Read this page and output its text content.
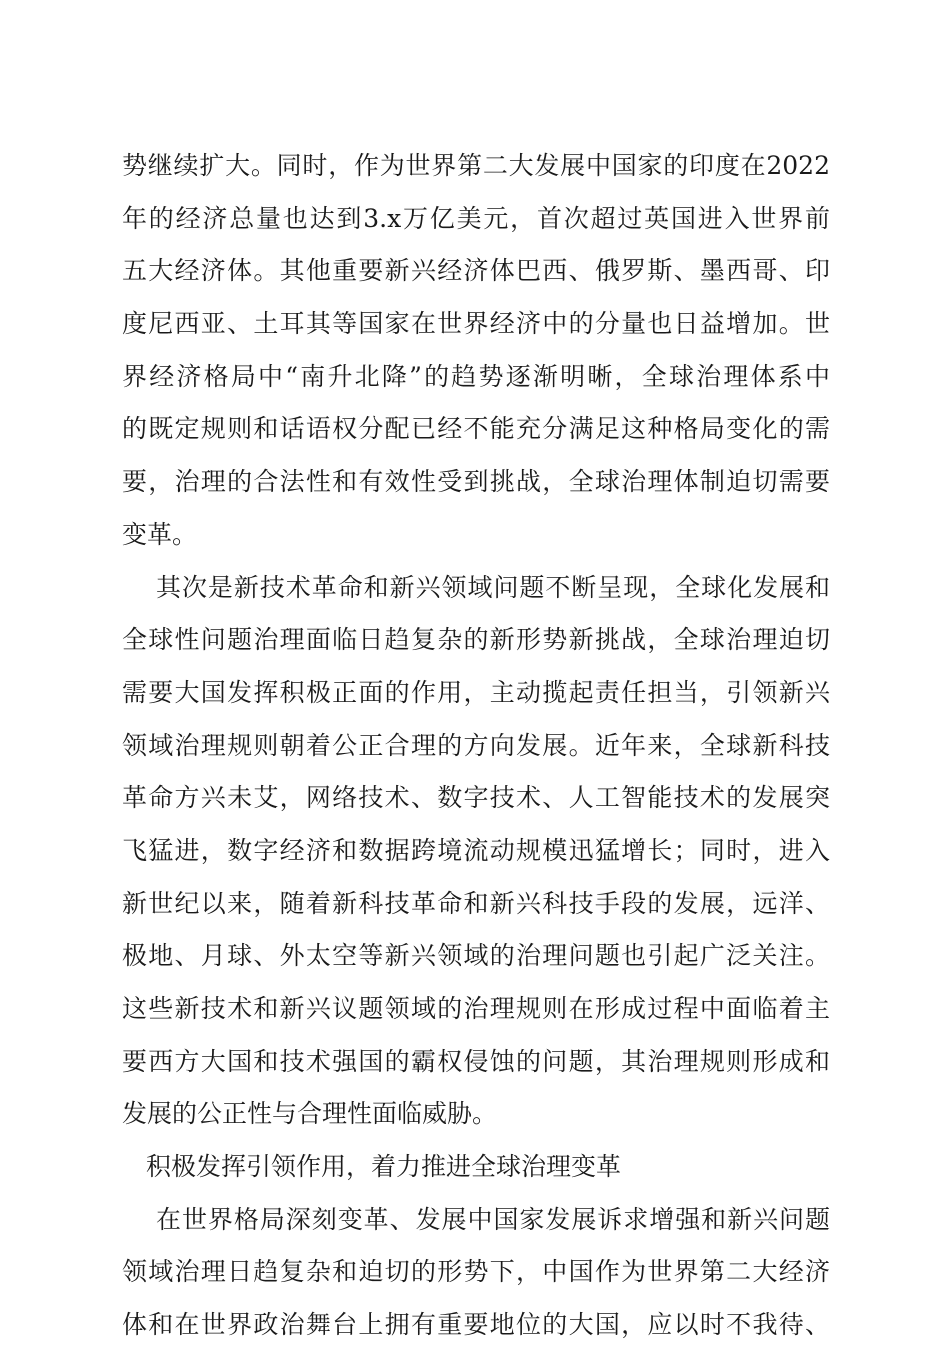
势继续扩大。同时，作为世界第二大发展中国家的印度在2022
年的经济总量也达到3.x万亿美元，首次超过英国进入世界前
五大经济体。其他重要新兴经济体巴西、俄罗斯、墨西哥、印
度尼西亚、土耳其等国家在世界经济中的分量也日益增加。世
界经济格局中“南升北降”的趋势逐渐明晰，全球治理体系中
的既定规则和话语权分配已经不能充分满足这种格局变化的需
要，治理的合法性和有效性受到挑战，全球治理体制迫切需要
变革。
其次是新技术革命和新兴领域问题不断呈现，全球化发展和
全球性问题治理面临日趋复杂的新形势新挑战，全球治理迫切
需要大国发挥积极正面的作用，主动揽起责任担当，引领新兴
领域治理规则朝着公正合理的方向发展。近年来，全球新科技
革命方兴未艾，网络技术、数字技术、人工智能技术的发展突
飞猛进，数字经济和数据跨境流动规模迅猛增长；同时，进入
新世纪以来，随着新科技革命和新兴科技手段的发展，远洋、
极地、月球、外太空等新兴领域的治理问题也引起广泛关注。
这些新技术和新兴议题领域的治理规则在形成过程中面临着主
要西方大国和技术强国的霸权侵蚀的问题，其治理规则形成和
发展的公正性与合理性面临威胁。
积极发挥引领作用，着力推进全球治理变革
在世界格局深刻变革、发展中国家发展诉求增强和新兴问题
领域治理日趋复杂和迫切的形势下，中国作为世界第二大经济
体和在世界政治舞台上拥有重要地位的大国，应以时不我待、
